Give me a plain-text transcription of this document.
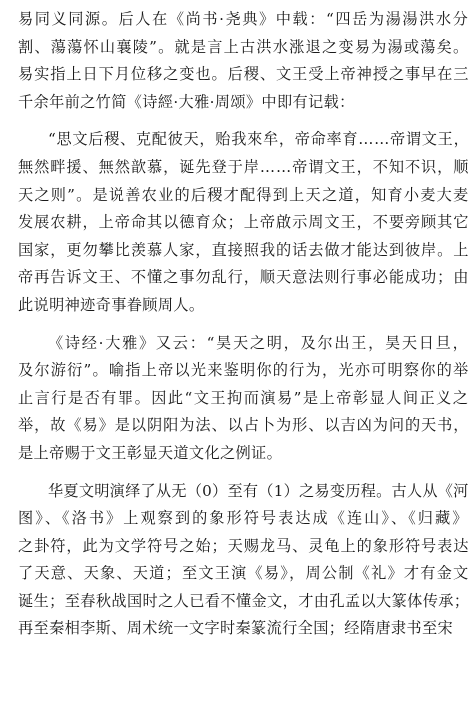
易同义同源。后人在《尚书·尧典》中载：“四岳为湯湯洪水分
割、蕩蕩怀山襄陵”。就是言上古洪水涨退之变易为湯或蕩矣。
易实指上日下月位移之变也。后稷、文王受上帝神授之事早在三
千余年前之竹简《诗經·大雅·周颂》中即有记载：
“思文后稷、克配彼天，贻我來牟，帝命率育……帝谓文王，
無然畔援、無然歆慕，诞先登于岸……帝谓文王，不知不识，顺
天之则”。是说善农业的后稷才配得到上天之道，知育小麦大麦
发展农耕，上帝命其以德育众；上帝啟示周文王，不要旁顾其它
国家，更勿攀比羡慕人家，直接照我的话去做才能达到彼岸。上
帝再告诉文王、不懂之事勿乱行，顺天意法则行事必能成功；由
此说明神迹奇事眷顾周人。
《诗经·大雅》又云：“昊天之明，及尔出王，昊天日旦，
及尔游衍”。喻指上帝以光来鉴明你的行为，光亦可明察你的举
止言行是否有罪。因此“文王拘而演易”是上帝彰显人间正义之
举，故《易》是以阴阳为法、以占卜为形、以吉凶为问的天书，
是上帝赐于文王彰显天道文化之例证。
华夏文明演绎了从无（0）至有（1）之易变历程。古人从《河
图》、《洛书》上观察到的象形符号表达成《连山》、《归藏》
之卦符，此为文学符号之始；天赐龙马、灵龟上的象形符号表达
了天意、天象、天道；至文王演《易》，周公制《礼》才有金文
诞生；至春秋战国时之人已看不懂金文，才由孔孟以大篆体传承；
再至秦相李斯、周术统一文字时秦篆流行全国；经隋唐隶书至宋
